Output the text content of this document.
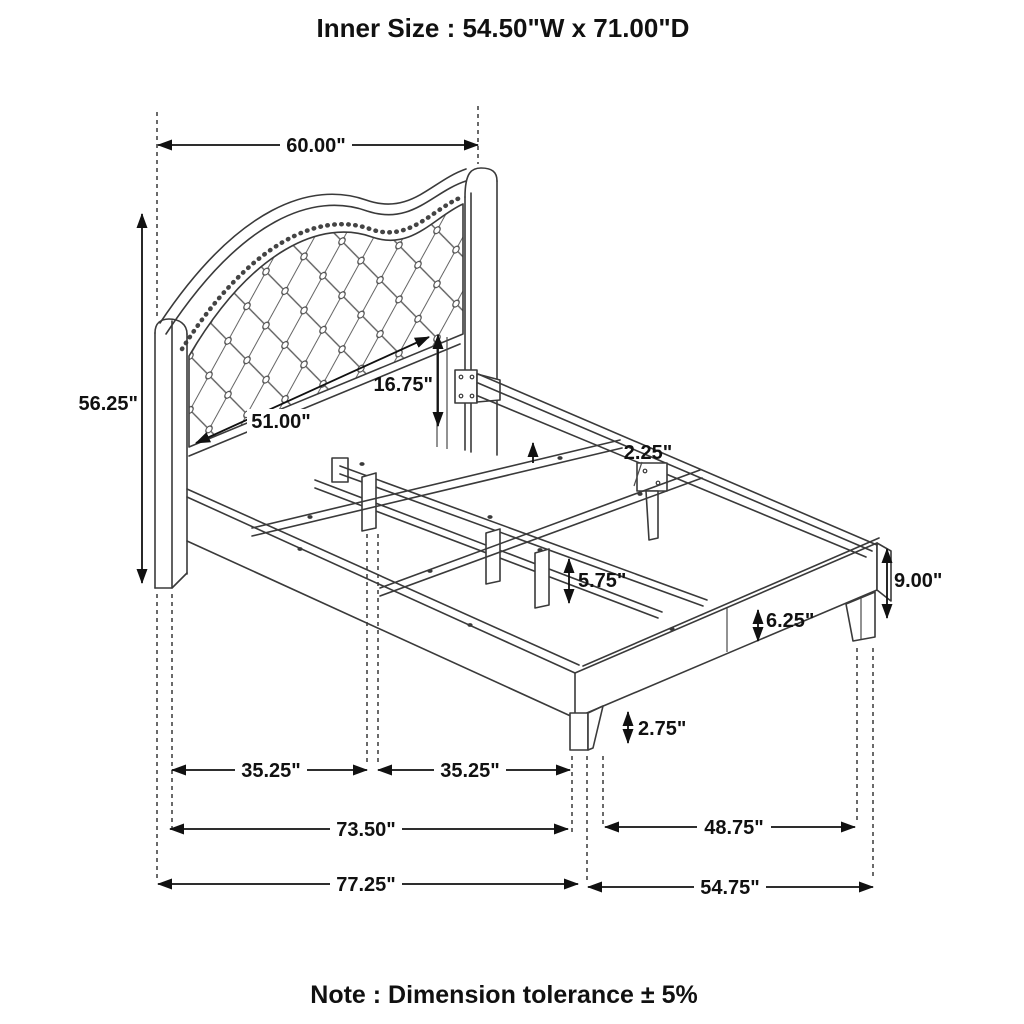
60.00"
56.25"
51.00"
16.75"
2.25"
5.75"	9.00"
6.25"
2.75"
35.25"	35.25"
73.50"	48.75"
77.25"	54.75"
Inner Size : 54.50"W x 71.00"D
Note : Dimension tolerance ± 5%
